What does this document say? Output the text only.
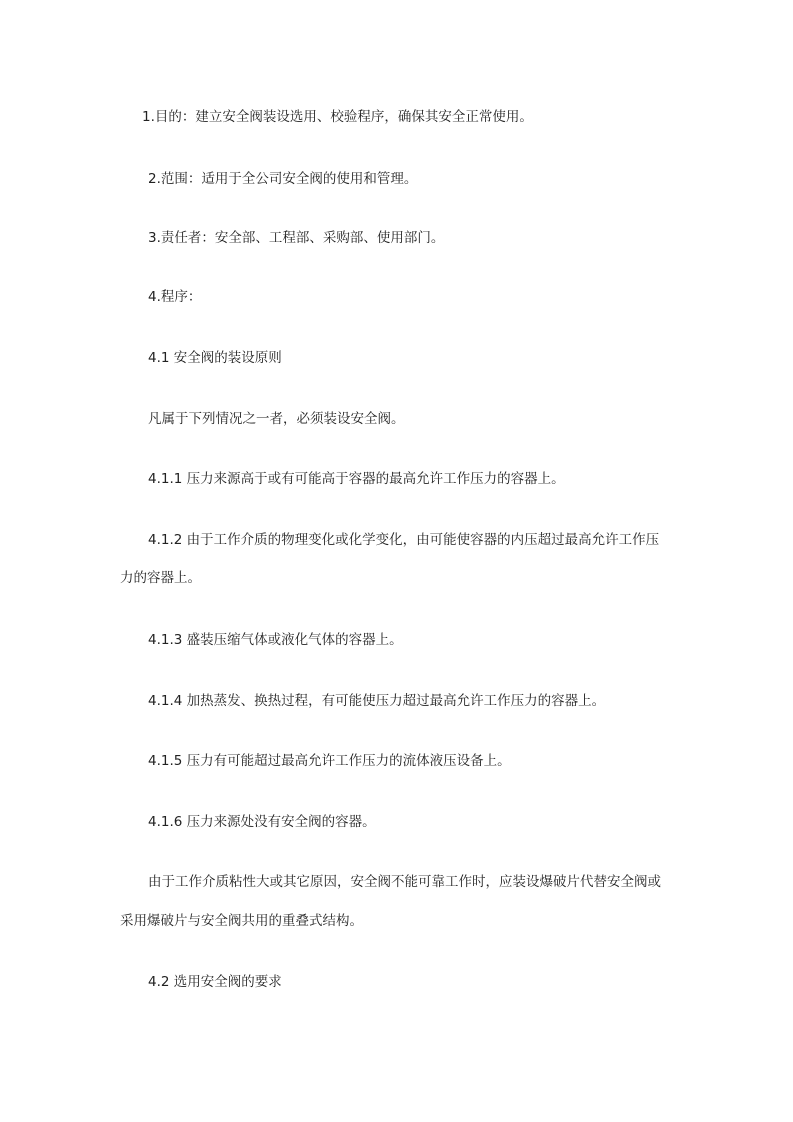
1.目的：建立安全阀装设选用、校验程序，确保其安全正常使用。

2.范围：适用于全公司安全阀的使用和管理。

3.责任者：安全部、工程部、采购部、使用部门。

4.程序：

4.1 安全阀的装设原则

凡属于下列情况之一者，必须装设安全阀。

4.1.1 压力来源高于或有可能高于容器的最高允许工作压力的容器上。

4.1.2 由于工作介质的物理变化或化学变化，由可能使容器的内压超过最高允许工作压

力的容器上。

4.1.3 盛装压缩气体或液化气体的容器上。

4.1.4 加热蒸发、换热过程，有可能使压力超过最高允许工作压力的容器上。

4.1.5 压力有可能超过最高允许工作压力的流体液压设备上。

4.1.6 压力来源处没有安全阀的容器。

由于工作介质粘性大或其它原因，安全阀不能可靠工作时，应装设爆破片代替安全阀或

采用爆破片与安全阀共用的重叠式结构。

4.2 选用安全阀的要求
